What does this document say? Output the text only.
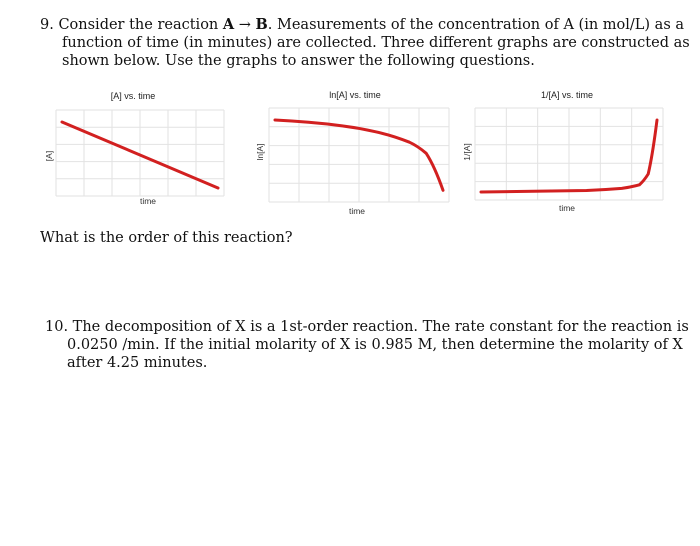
9. Consider the reaction A → B. Measurements of the concentration of A (in mol/L) as a
function of time (in minutes) are collected. Three different graphs are constructed as
shown below. Use the graphs to answer the following questions.
[A] vs. time
[A]
time
ln[A] vs. time
ln[A]
time
1/[A] vs. time
1/[A]
time
What is the order of this reaction?
10. The decomposition of X is a 1st-order reaction. The rate constant for the reaction is
0.0250 /min. If the initial molarity of X is 0.985 M, then determine the molarity of X
after 4.25 minutes.
